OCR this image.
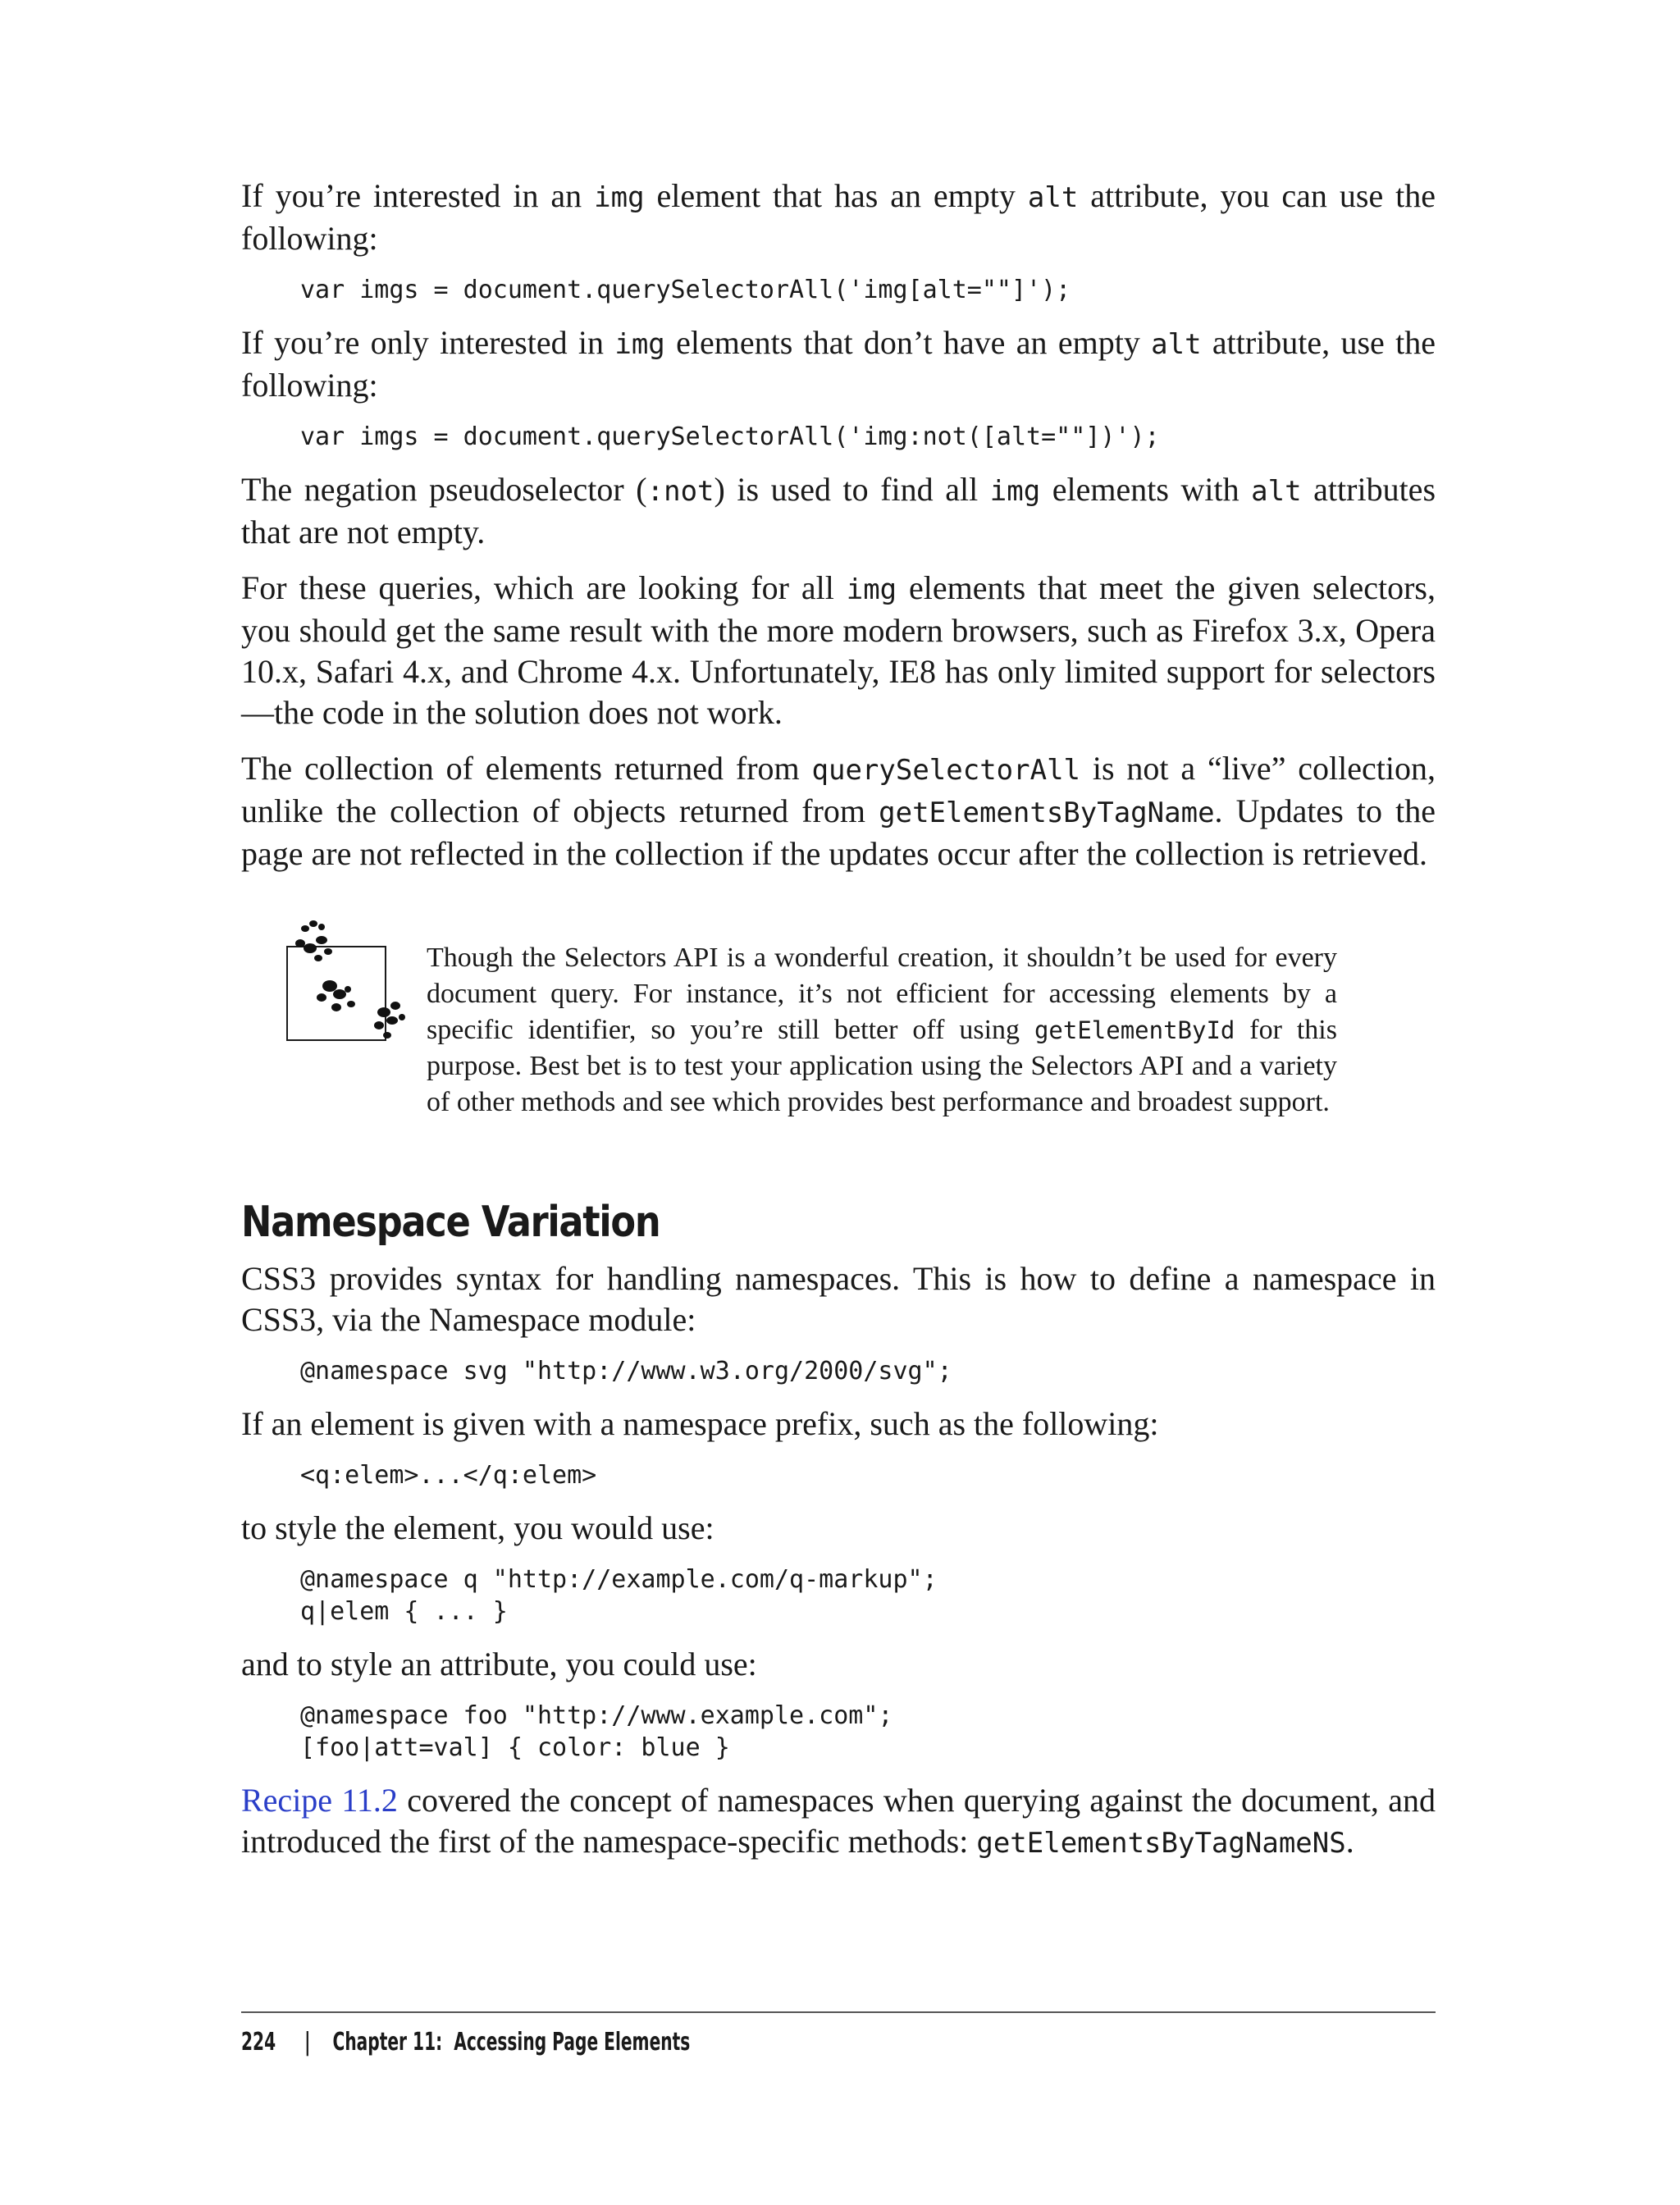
If you’re interested in an img element that has an empty alt attribute, you can use the following:

var imgs = document.querySelectorAll('img[alt=""]');

If you’re only interested in img elements that don’t have an empty alt attribute, use the following:

var imgs = document.querySelectorAll('img:not([alt=""])');

The negation pseudoselector (:not) is used to find all img elements with alt attributes that are not empty.

For these queries, which are looking for all img elements that meet the given selectors, you should get the same result with the more modern browsers, such as Firefox 3.x, Opera 10.x, Safari 4.x, and Chrome 4.x. Unfortunately, IE8 has only limited support for selectors—the code in the solution does not work.

The collection of elements returned from querySelectorAll is not a “live” collection, unlike the collection of objects returned from getElementsByTagName. Updates to the page are not reflected in the collection if the updates occur after the collection is retrieved.

Though the Selectors API is a wonderful creation, it shouldn’t be used for every document query. For instance, it’s not efficient for accessing elements by a specific identifier, so you’re still better off using getElementById for this purpose. Best bet is to test your application using the Selectors API and a variety of other methods and see which provides best performance and broadest support.
Namespace Variation

CSS3 provides syntax for handling namespaces. This is how to define a namespace in CSS3, via the Namespace module:

@namespace svg "http://www.w3.org/2000/svg";

If an element is given with a namespace prefix, such as the following:

<q:elem>...</q:elem>

to style the element, you would use:

@namespace q "http://example.com/q-markup";
q|elem { ... }

and to style an attribute, you could use:

@namespace foo "http://www.example.com";
[foo|att=val] { color: blue }

Recipe 11.2 covered the concept of namespaces when querying against the document, and introduced the first of the namespace-specific methods: getElementsByTagNameNS.

224 | Chapter 11:  Accessing Page Elements
